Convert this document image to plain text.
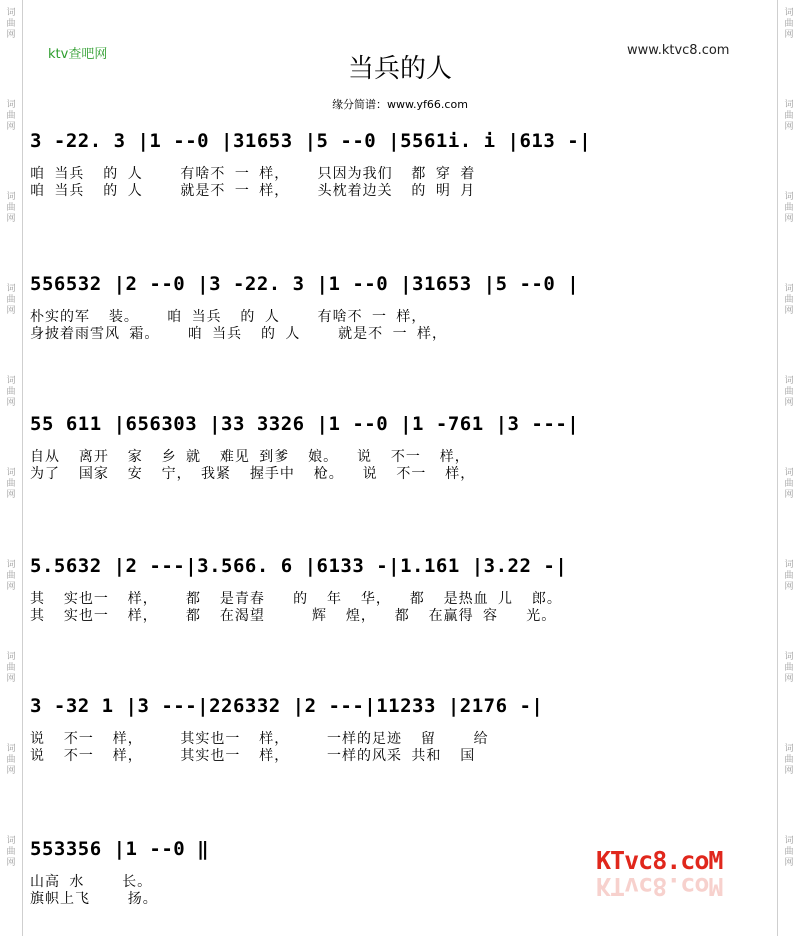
词
曲
网
词
曲
网
词
曲
网
词
曲
网
词
曲
网
词
曲
网
词
曲
网
词
曲
网
词
曲
网
词
曲
网
词
曲
网
词
曲
网
词
曲
网
词
曲
网
词
曲
网
词
曲
网
词
曲
网
词
曲
网
词
曲
网
词
曲
网
ktv查吧网	www.ktvc8.com
当兵的人
缘分简谱：www.yf66.com
3 -22. 3 |1 --0 |31653 |5 --0 |5561i. i |613 -|
咱 当兵  的 人    有啥不 一 样，   只因为我们  都 穿 着
咱 当兵  的 人    就是不 一 样，   头枕着边关  的 明 月
556532 |2 --0 |3 -22. 3 |1 --0 |31653 |5 --0 |
朴实的军  装。   咱 当兵  的 人    有啥不 一 样，
身披着雨雪风 霜。   咱 当兵  的 人    就是不 一 样，
55 611 |656303 |33 3326 |1 --0 |1 -761 |3 ---|
自从  离开  家  乡 就  难见 到爹  娘。  说  不一  样，
为了  国家  安  宁， 我紧  握手中  枪。  说  不一  样，
5.5632 |2 ---|3.566. 6 |6133 -|1.161 |3.22 -|
其  实也一  样，   都  是青春   的  年  华，  都  是热血 儿  郎。
其  实也一  样，   都  在渴望     辉  煌，  都  在赢得 容   光。
3 -32 1 |3 ---|226332 |2 ---|11233 |2176 -|
说  不一  样，    其实也一  样，    一样的足迹  留    给
说  不一  样，    其实也一  样，    一样的风采 共和  国
553356 |1 --0 ‖
山高 水    长。
旗帜上飞    扬。
KTvc8.coM
KTvc8.coM
